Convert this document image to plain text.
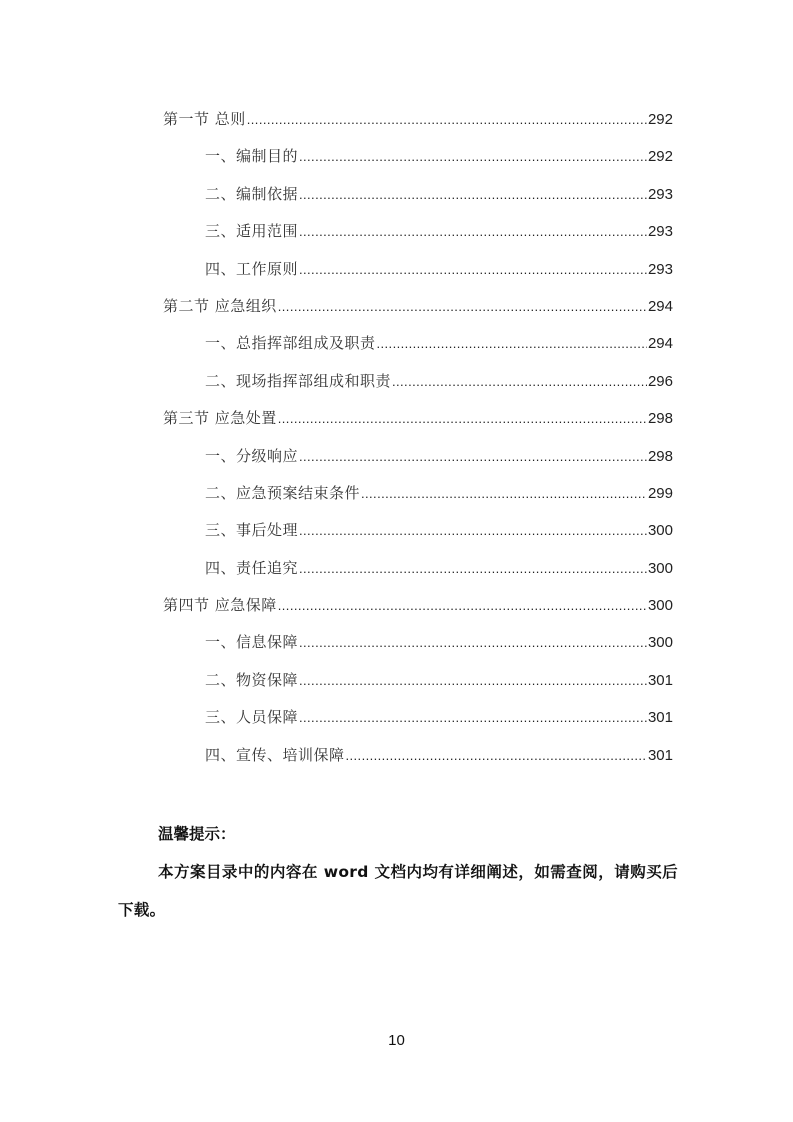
第一节 总则 .....	292
一、编制目的 .....	292
二、编制依据 .....	293
三、适用范围 .....	293
四、工作原则 .....	293
第二节 应急组织 .....	294
一、总指挥部组成及职责 .....	294
二、现场指挥部组成和职责 .....	296
第三节 应急处置 .....	298
一、分级响应 .....	298
二、应急预案结束条件 .....	299
三、事后处理 .....	300
四、责任追究 .....	300
第四节 应急保障 .....	300
一、信息保障 .....	300
二、物资保障 .....	301
三、人员保障 .....	301
四、宣传、培训保障 .....	301
温馨提示：
本方案目录中的内容在 word 文档内均有详细阐述，如需查阅，请购买后下载。
10
